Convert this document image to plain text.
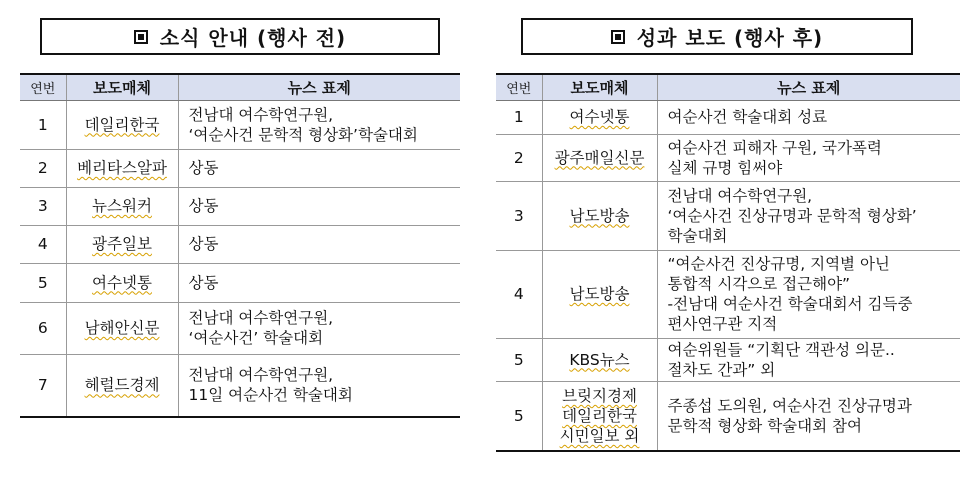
소식 안내 (행사 전)	성과 보도 (행사 후)
연번	보도매체	뉴스 표제
1	데일리한국	전남대 여수학연구원,
‘여순사건 문학적 형상화’학술대회

2	베리타스알파	상동

3	뉴스워커	상동

4	광주일보	상동

5	여수넷통	상동

6	남해안신문	전남대 여수학연구원,
‘여순사건’ 학술대회

7	헤럴드경제	전남대 여수학연구원,
11일 여순사건 학술대회
연번	보도매체	뉴스 표제
1	여수넷통	여순사건 학술대회 성료

2	광주매일신문	여순사건 피해자 구원, 국가폭력
실체 규명 힘써야

3	남도방송	전남대 여수학연구원,
‘여순사건 진상규명과 문학적 형상화’
학술대회

4	남도방송	“여순사건 진상규명, 지역별 아닌
통합적 시각으로 접근해야”
-전남대 여순사건 학술대회서 김득중
편사연구관 지적

5	KBS뉴스	여순위원들 “기획단 객관성 의문..
절차도 간과” 외

5	브릿지경제
데일리한국
시민일보 외	주종섭 도의원, 여순사건 진상규명과
문학적 형상화 학술대회 참여
